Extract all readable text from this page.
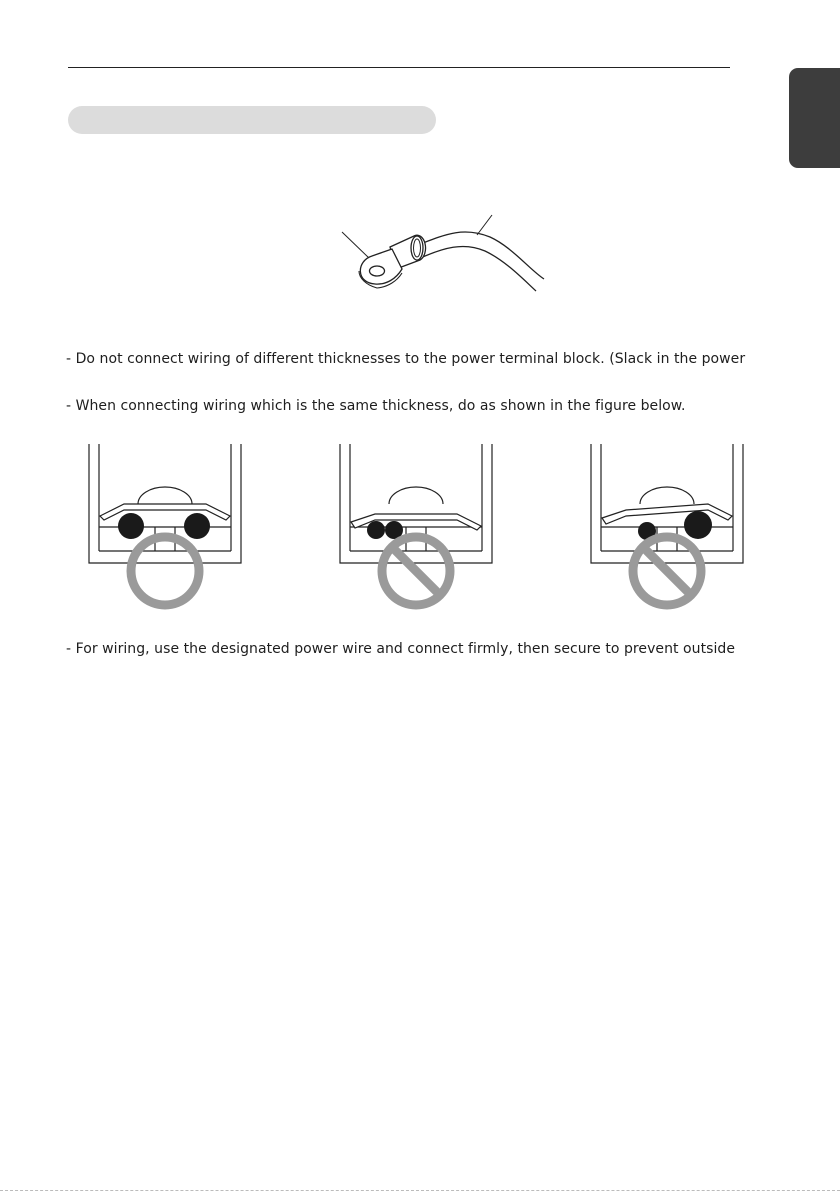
- Do not connect wiring of different thicknesses to the power terminal block. (Slack in the power
- When connecting wiring which is the same thickness, do as shown in the figure below.
- For wiring, use the designated power wire and connect firmly, then secure to prevent outside
